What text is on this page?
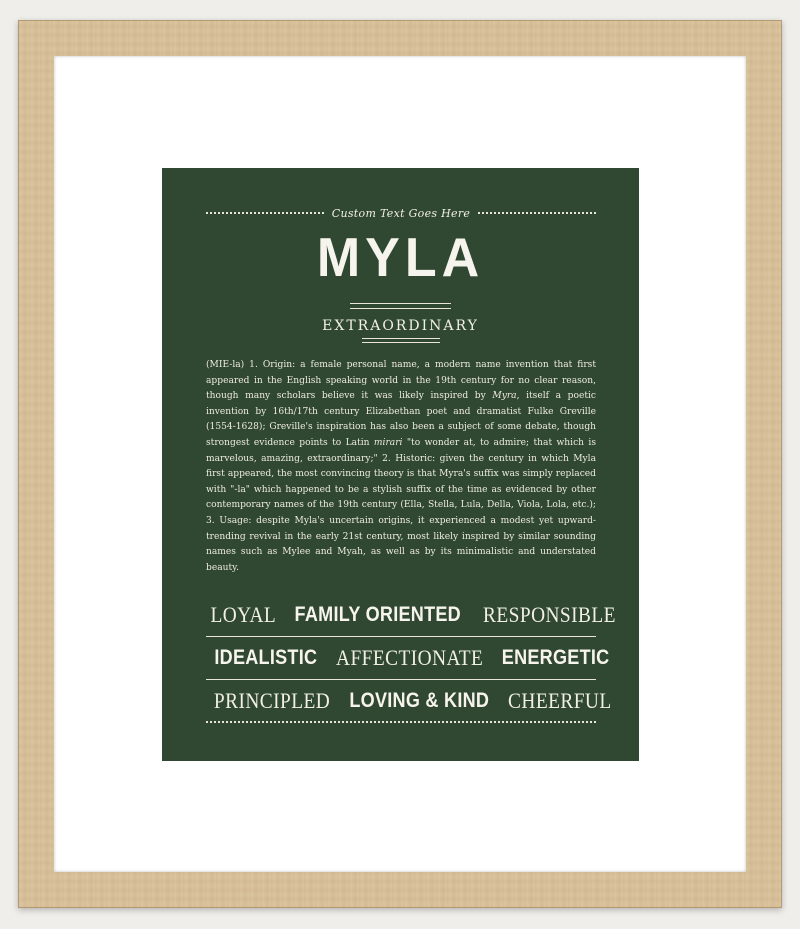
Custom Text Goes Here
MYLA
EXTRAORDINARY
(MIE-la) 1. Origin: a female personal name, a modern name invention that first appeared in the English speaking world in the 19th century for no clear reason, though many scholars believe it was likely inspired by Myra, itself a poetic invention by 16th/17th century Elizabethan poet and dramatist Fulke Greville (1554-1628); Greville's inspiration has also been a subject of some debate, though strongest evidence points to Latin mirari "to wonder at, to admire; that which is marvelous, amazing, extraordinary;" 2. Historic: given the century in which Myla first appeared, the most convincing theory is that Myra's suffix was simply replaced with "-la" which happened to be a stylish suffix of the time as evidenced by other contemporary names of the 19th century (Ella, Stella, Lula, Della, Viola, Lola, etc.); 3. Usage: despite Myla's uncertain origins, it experienced a modest yet upward-trending revival in the early 21st century, most likely inspired by similar sounding names such as Mylee and Myah, as well as by its minimalistic and understated beauty.
LOYAL FAMILY ORIENTED RESPONSIBLE
IDEALISTIC AFFECTIONATE ENERGETIC
PRINCIPLED LOVING & KIND CHEERFUL
